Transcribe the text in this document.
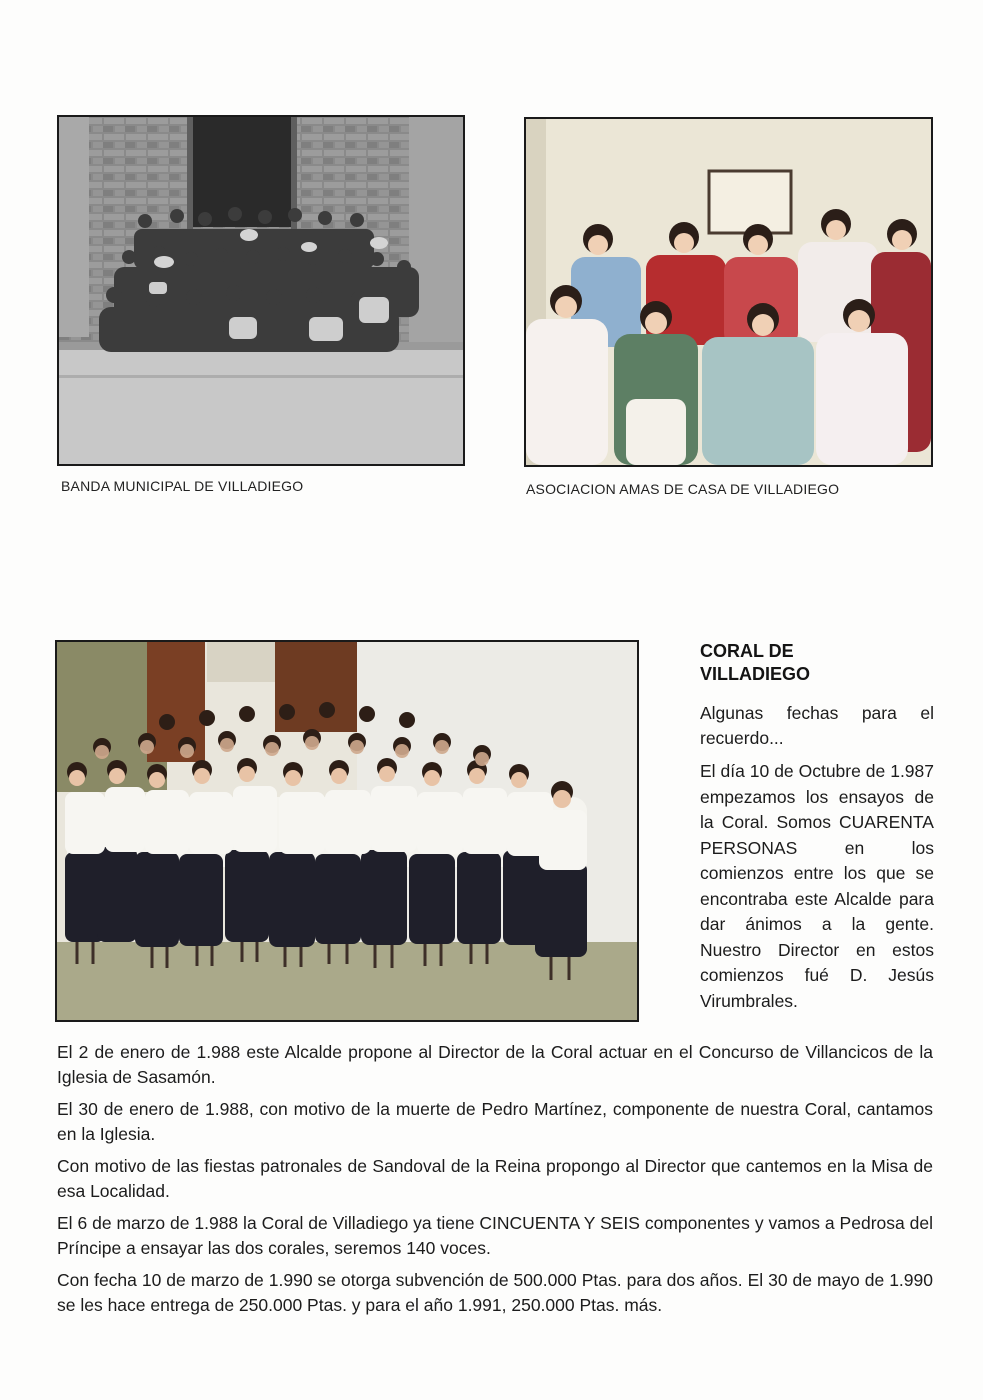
BANDA MUNICIPAL DE VILLADIEGO	ASOCIACION AMAS DE CASA DE VILLADIEGO
CORAL DE
VILLADIEGO

Algunas fechas para el recuerdo...

El día 10 de Octubre de 1.987 empezamos los ensayos de la Coral. Somos CUARENTA PERSONAS en los comienzos entre los que se encontraba este Alcalde para dar ánimos a la gente. Nuestro Director en estos comienzos fué D. Jesús Virumbrales.

El 2 de enero de 1.988 este Alcalde propone al Director de la Coral actuar en el Concurso de Villancicos de la Iglesia de Sasamón.

El 30 de enero de 1.988, con motivo de la muerte de Pedro Martínez, componente de nuestra Coral, cantamos en la Iglesia.

Con motivo de las fiestas patronales de Sandoval de la Reina propongo al Director que cantemos en la Misa de esa Localidad.

El 6 de marzo de 1.988 la Coral de Villadiego ya tiene CINCUENTA Y SEIS componentes y vamos a Pedrosa del Príncipe a ensayar las dos corales, seremos 140 voces.

Con fecha 10 de marzo de 1.990 se otorga subvención de 500.000 Ptas. para dos años. El 30 de mayo de 1.990 se les hace entrega de 250.000 Ptas. y para el año 1.991, 250.000 Ptas. más.
